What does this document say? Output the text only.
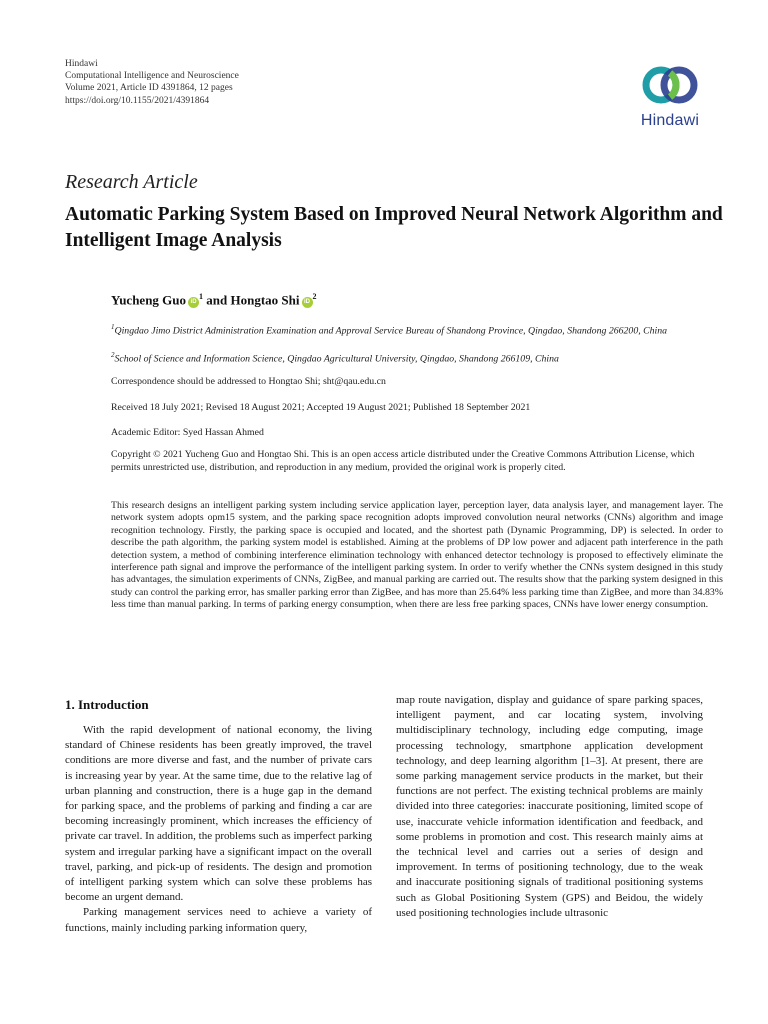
Hindawi
Computational Intelligence and Neuroscience
Volume 2021, Article ID 4391864, 12 pages
https://doi.org/10.1155/2021/4391864
Hindawi
Research Article
Automatic Parking System Based on Improved Neural Network Algorithm and Intelligent Image Analysis
Yucheng Guo $iD^1$ and Hongtao Shi $iD^2$
$^1$Qingdao Jimo District Administration Examination and Approval Service Bureau of Shandong Province, Qingdao, Shandong 266200, China
$^2$School of Science and Information Science, Qingdao Agricultural University, Qingdao, Shandong 266109, China
Correspondence should be addressed to Hongtao Shi; sht@qau.edu.cn
Received 18 July 2021; Revised 18 August 2021; Accepted 19 August 2021; Published 18 September 2021
Academic Editor: Syed Hassan Ahmed
Copyright © 2021 Yucheng Guo and Hongtao Shi. This is an open access article distributed under the Creative Commons Attribution License, which permits unrestricted use, distribution, and reproduction in any medium, provided the original work is properly cited.
This research designs an intelligent parking system including service application layer, perception layer, data analysis layer, and management layer. The network system adopts opm15 system, and the parking space recognition adopts improved convolution neural networks (CNNs) algorithm and image recognition technology. Firstly, the parking space is occupied and located, and the shortest path (Dynamic Programming, DP) is selected. In order to describe the path algorithm, the parking system model is established. Aiming at the problems of DP low power and adjacent path interference in the path detection system, a method of combining interference elimination technology with enhanced detector technology is proposed to effectively eliminate the interference path signal and improve the performance of the intelligent parking system. In order to verify whether the CNNs system designed in this study has advantages, the simulation experiments of CNNs, ZigBee, and manual parking are carried out. The results show that the parking system designed in this study can control the parking error, has smaller parking error than ZigBee, and has more than 25.64% less parking time than ZigBee, and more than 34.83% less time than manual parking. In terms of parking energy consumption, when there are less free parking spaces, CNNs have lower energy consumption.
1. Introduction

With the rapid development of national economy, the living standard of Chinese residents has been greatly improved, the travel conditions are more diverse and fast, and the number of private cars is increasing year by year. At the same time, due to the relative lag of urban planning and construction, there is a huge gap in the demand for parking space, and the problems of parking and finding a car are becoming increasingly prominent, which increases the efficiency of private car travel. In addition, the problems such as imperfect parking system and irregular parking have a significant impact on the overall travel, parking, and pick-up of residents. The design and promotion of intelligent parking system which can solve these problems has become an urgent demand.

Parking management services need to achieve a variety of functions, mainly including parking information query,

map route navigation, display and guidance of spare parking spaces, intelligent payment, and car locating system, involving multidisciplinary technology, including edge computing, image processing technology, smartphone application development technology, and deep learning algorithm [1–3]. At present, there are some parking management service products in the market, but their functions are not perfect. The existing technical problems are mainly divided into three categories: inaccurate positioning, limited scope of use, inaccurate vehicle information identification and feedback, and some problems in promotion and cost. This research mainly aims at the technical level and carries out a series of design and improvement. In terms of positioning technology, due to the weak and inaccurate positioning signals of traditional positioning systems such as Global Positioning System (GPS) and Beidou, the widely used positioning technologies include ultrasonic
